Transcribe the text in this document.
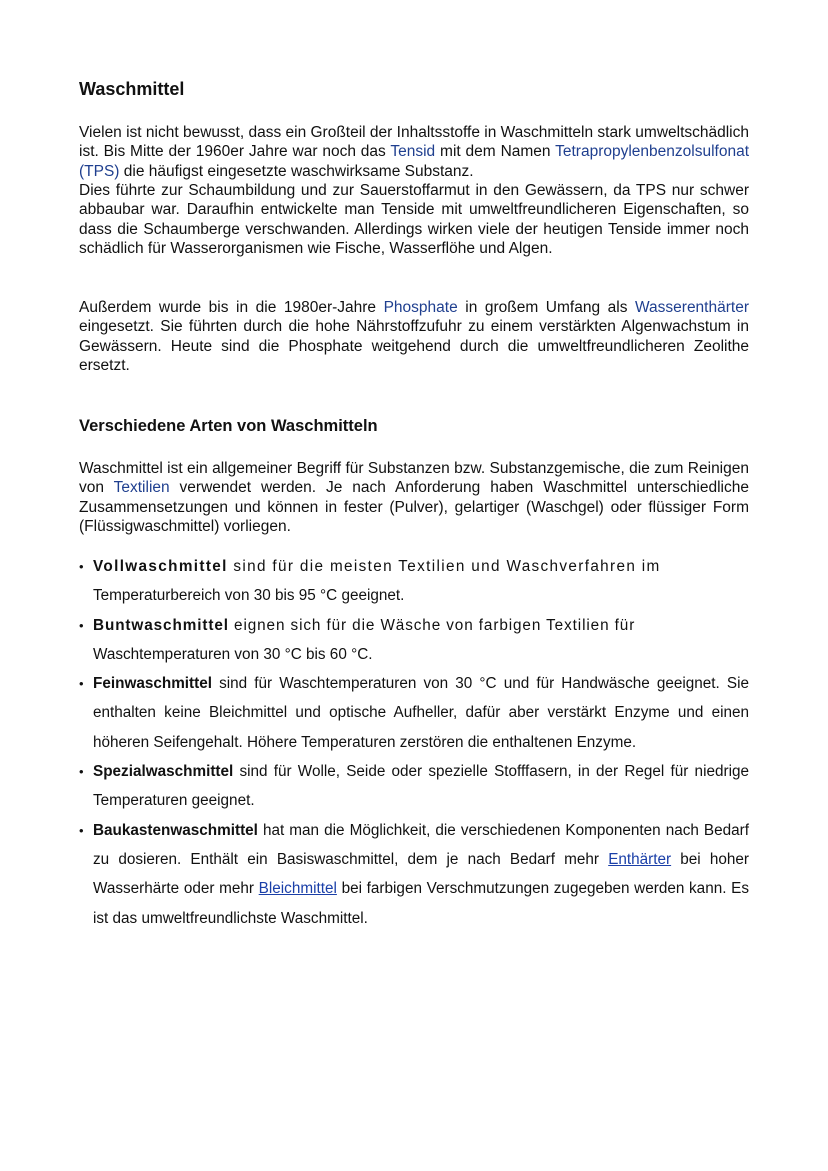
Waschmittel

Vielen ist nicht bewusst, dass ein Großteil der Inhaltsstoffe in Waschmitteln stark umweltschädlich ist. Bis Mitte der 1960er Jahre war noch das Tensid mit dem Namen Tetrapropylenbenzolsulfonat (TPS) die häufigst eingesetzte waschwirksame Substanz.

Dies führte zur Schaumbildung und zur Sauerstoffarmut in den Gewässern, da TPS nur schwer abbaubar war. Daraufhin entwickelte man Tenside mit umweltfreundlicheren Eigenschaften, so dass die Schaumberge verschwanden. Allerdings wirken viele der heutigen Tenside immer noch schädlich für Wasserorganismen wie Fische, Wasserflöhe und Algen.

Außerdem wurde bis in die 1980er-Jahre Phosphate in großem Umfang als Wasserenthärter eingesetzt. Sie führten durch die hohe Nährstoffzufuhr zu einem verstärkten Algenwachstum in Gewässern. Heute sind die Phosphate weitgehend durch die umweltfreundlicheren Zeolithe ersetzt.

Verschiedene Arten von Waschmitteln

Waschmittel ist ein allgemeiner Begriff für Substanzen bzw. Substanzgemische, die zum Reinigen von Textilien verwendet werden. Je nach Anforderung haben Waschmittel unterschiedliche Zusammensetzungen und können in fester (Pulver), gelartiger (Waschgel) oder flüssiger Form (Flüssigwaschmittel) vorliegen.

• Vollwaschmittel sind für die meisten Textilien und Waschverfahren im
Temperaturbereich von 30 bis 95 °C geeignet.
• Buntwaschmittel eignen sich für die Wäsche von farbigen Textilien für
Waschtemperaturen von 30 °C bis 60 °C.
• Feinwaschmittel sind für Waschtemperaturen von 30 °C und für Handwäsche geeignet. Sie enthalten keine Bleichmittel und optische Aufheller, dafür aber verstärkt Enzyme und einen höheren Seifengehalt. Höhere Temperaturen zerstören die enthaltenen Enzyme.
• Spezialwaschmittel sind für Wolle, Seide oder spezielle Stofffasern, in der Regel für niedrige Temperaturen geeignet.
• Baukastenwaschmittel hat man die Möglichkeit, die verschiedenen Komponenten nach Bedarf zu dosieren. Enthält ein Basiswaschmittel, dem je nach Bedarf mehr Enthärter bei hoher Wasserhärte oder mehr Bleichmittel bei farbigen Verschmutzungen zugegeben werden kann. Es ist das umweltfreundlichste Waschmittel.
